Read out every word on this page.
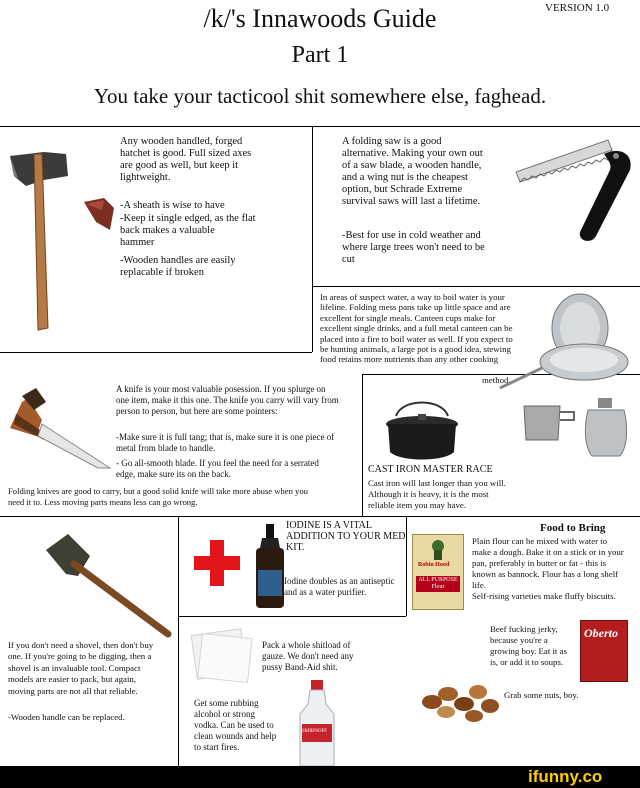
VERSION 1.0
/k/'s Innawoods Guide
Part 1
You take your tacticool shit somewhere else, faghead.
Any wooden handled, forged
hatchet is good. Full sized axes
are good as well, but keep it
lightweight.
-A sheath is wise to have
-Keep it single edged, as the flat
back makes a valuable
hammer
-Wooden handles are easily
replacable if broken
A folding saw is a good
alternative. Making your own out
of a saw blade, a wooden handle,
and a wing nut is the cheapest
option, but Schrade Extreme
survival saws will last a lifetime.
-Best for use in cold weather and
where large trees won't need to be
cut
In areas of suspect water, a way to boil water is your
lifeline. Folding mess pans take up little space and are
excellent for single meals. Canteen cups make for
excellent single drinks, and a full metal canteen can be
placed into a fire to boil water as well. If you expect to
be hunting animals, a large pot is a good idea, stewing
food retains more nutrients than any other cooking
method.
A knife is your most valuable posession. If you splurge on
one item, make it this one. The knife you carry will vary from
person to person, but here are some pointers:
-Make sure it is full tang; that is, make sure it is one piece of
metal from blade to handle.
- Go all-smooth blade. If you feel the need for a serrated
edge, make sure its on the back.
Folding knives are good to carry, but a good solid knife will take more abuse when you
need it to. Less moving parts means less can go wrong.
CAST IRON MASTER RACE
Cast iron will last longer than you will.
Although it is heavy, it is the most
reliable item you may have.
If you don't need a shovel, then don't buy
one. If you're going to be digging, then a
shovel is an invaluable tool. Compact
models are easier to pack, but again,
moving parts are not all that reliable.
-Wooden handle can be replaced.
IODINE IS A VITAL
ADDITION TO YOUR MED
KIT.
Iodine doubles as an antiseptic
and as a water purifier.
Pack a whole shitload of
gauze. We don't need any
pussy Band-Aid shit.
Get some rubbing
alcohol or strong
vodka. Can be used to
clean wounds and help
to start fires.
SMIRNOFF
Food to Bring
Robin Hood
ALL PURPOSE
Flour
Plain flour can be mixed with water to
make a dough. Bake it on a stick or in your
pan, preferably in butter or fat - this is
known as bannock. Flour has a long shelf
life.
Self-rising varieties make fluffy biscuits.
Beef fucking jerky,
because you're a
growing boy. Eat it as
is, or add it to soups.
Oberto
Grab some nuts, boy.
ifunny.co
